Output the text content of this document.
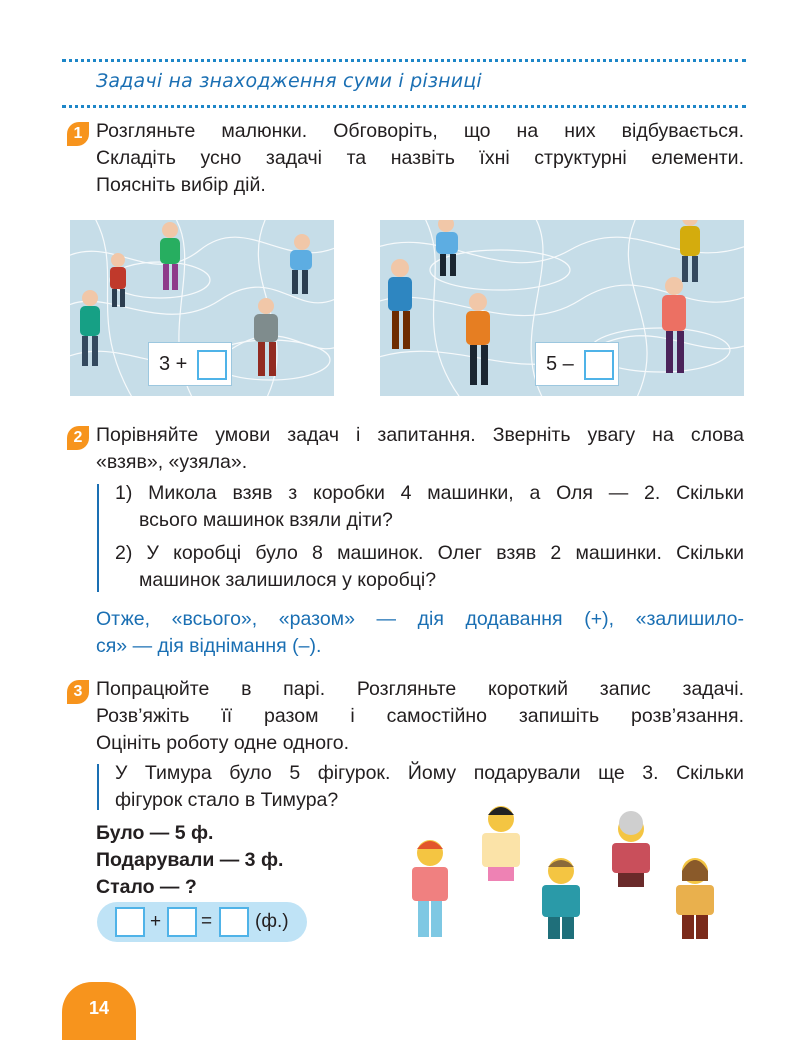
Задачі на знаходження суми і різниці
1 Розгляньте малюнки. Обговоріть, що на них відбувається.
Складіть усно задачі та назвіть їхні структурні елементи.
Поясніть вибір дій.
3 +	5 –
2 Порівняйте умови задач і запитання. Зверніть увагу на слова
«взяв», «узяла».
1) Микола взяв з коробки 4 машинки, а Оля — 2. Скільки
всього машинок взяли діти?
2) У коробці було 8 машинок. Олег взяв 2 машинки. Скільки
машинок залишилося у коробці?
Отже, «всього», «разом» — дія додавання (+), «залишило-
ся» — дія віднімання (–).
3 Попрацюйте в парі. Розгляньте короткий запис задачі.
Розв’яжіть її разом і самостійно запишіть розв’язання.
Оцініть роботу одне одного.
У Тимура було 5 фігурок. Йому подарували ще 3. Скільки
фігурок стало в Тимура?
Було — 5 ф.
Подарували — 3 ф.
Стало — ?
+ = (ф.)
14
